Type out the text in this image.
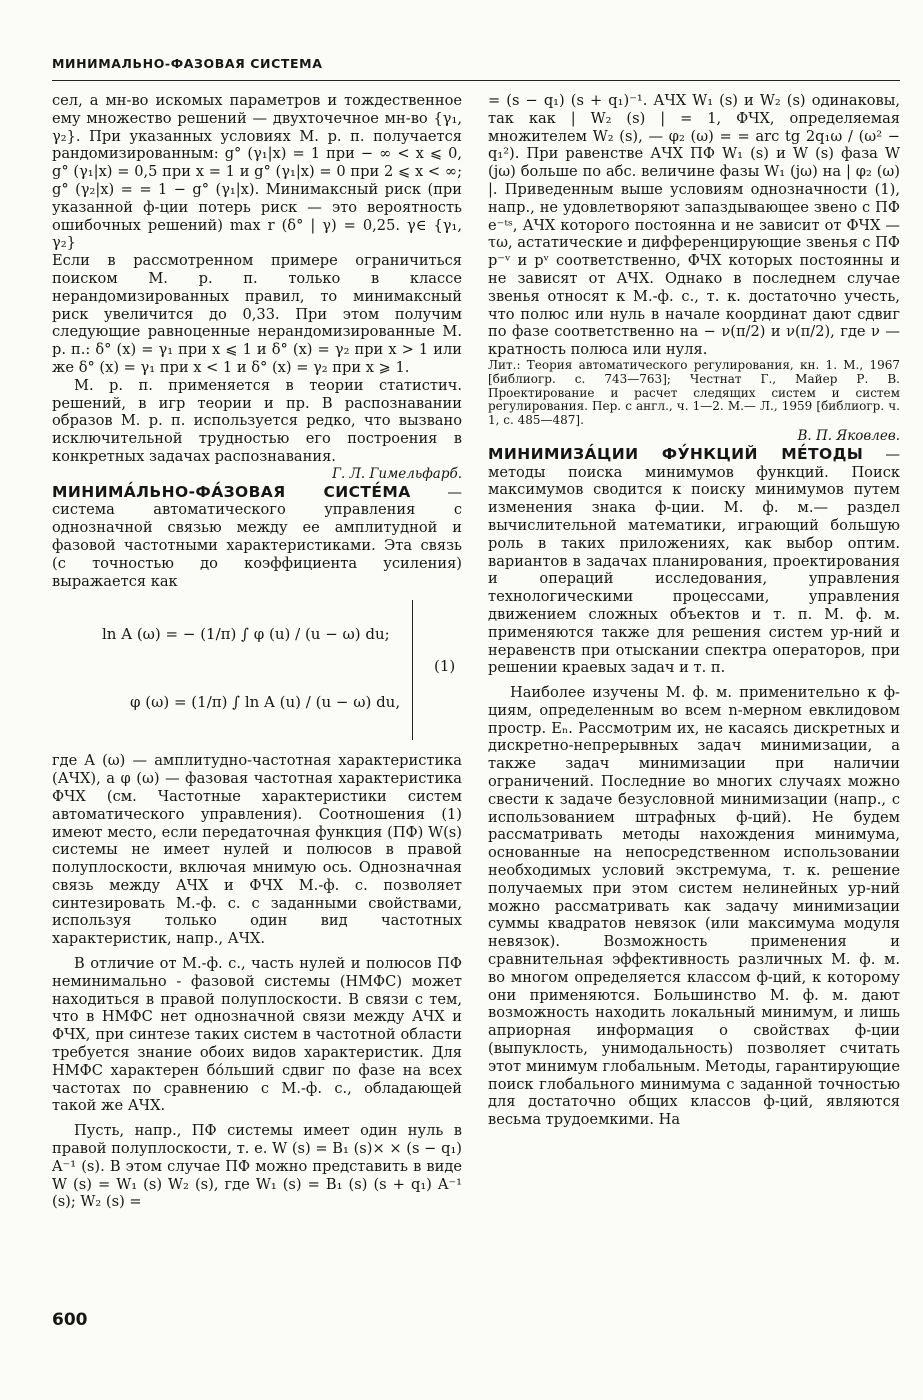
МИНИМАЛЬНО-ФАЗОВАЯ СИСТЕМА

сел, а мн-во искомых параметров и тождественное ему множество решений — двухточечное мн-во {γ₁, γ₂}. При указанных условиях М. р. п. получается рандомизированным: g° (γ₁|x) = 1 при − ∞ < x ⩽ 0, g° (γ₁|x) = 0,5 при x = 1 и g° (γ₁|x) = 0 при 2 ⩽ x < ∞; g° (γ₂|x) = = 1 − g° (γ₁|x). Минимаксный риск (при указанной ф-ции потерь риск — это вероятность ошибочных решений) max r (δ° | γ) = 0,25. γ∈ {γ₁, γ₂}

Если в рассмотренном примере ограничиться поиском М. р. п. только в классе нерандомизированных правил, то минимаксный риск увеличится до 0,33. При этом получим следующие равноценные нерандомизированные М. р. п.: δ° (x) = γ₁ при x ⩽ 1 и δ° (x) = γ₂ при x > 1 или же δ° (x) = γ₁ при x < 1 и δ° (x) = γ₂ при x ⩾ 1.

М. р. п. применяется в теории статистич. решений, в игр теории и пр. В распознавании образов М. р. п. используется редко, что вызвано исключительной трудностью его построения в конкретных задачах распознавания.

Г. Л. Гимельфарб.

МИНИМА́ЛЬНО-ФА́ЗОВАЯ СИСТЕ́МА	— система автоматического управления с однозначной связью между ее амплитудной и фазовой частотными характеристиками. Эта связь (с точностью до коэффициента усиления) выражается как

ln A (ω) = − (1/π) ∫ φ (u) / (u − ω) du;
φ (ω) = (1/π) ∫ ln A (u) / (u − ω) du,
(1)

где A (ω) — амплитудно-частотная характеристика (АЧХ), а φ (ω) — фазовая частотная характеристика ФЧХ (см. Частотные характеристики систем автоматического управления). Соотношения (1) имеют место, если передаточная функция (ПФ) W(s) системы не имеет нулей и полюсов в правой полуплоскости, включая мнимую ось. Однозначная связь между АЧХ и ФЧХ М.-ф. с. позволяет синтезировать М.-ф. с. с заданными свойствами, используя только один вид частотных характеристик, напр., АЧХ.

В отличие от М.-ф. с., часть нулей и полюсов ПФ неминимально - фазовой системы (НМФС) может находиться в правой полуплоскости. В связи с тем, что в НМФС нет однозначной связи между АЧХ и ФЧХ, при синтезе таких систем в частотной области требуется знание обоих видов характеристик. Для НМФС характерен бо́льший сдвиг по фазе на всех частотах по сравнению с М.-ф. с., обладающей такой же АЧХ.

Пусть, напр., ПФ системы имеет один нуль в правой полуплоскости, т. е. W (s) = B₁ (s)× × (s − q₁) A⁻¹ (s). В этом случае ПФ можно представить в виде W (s) = W₁ (s) W₂ (s), где W₁ (s) = B₁ (s) (s + q₁) A⁻¹ (s); W₂ (s) =

= (s − q₁) (s + q₁)⁻¹. АЧХ W₁ (s) и W₂ (s) одинаковы, так как | W₂ (s) | = 1, ФЧХ, определяемая множителем W₂ (s), — φ₂ (ω) = = arc tg 2q₁ω / (ω² − q₁²). При равенстве АЧХ ПФ W₁ (s) и W (s) фаза W (jω) больше по абс. величине фазы W₁ (jω) на | φ₂ (ω) |. Приведенным выше условиям однозначности (1), напр., не удовлетворяют запаздывающее звено с ПФ e⁻ᵗˢ, АЧХ которого постоянна и не зависит от ФЧХ — τω, астатические и дифференцирующие звенья с ПФ p⁻ᵛ и pᵛ соответственно, ФЧХ которых постоянны и не зависят от АЧХ. Однако в последнем случае звенья относят к М.-ф. с., т. к. достаточно учесть, что полюс или нуль в начале координат дают сдвиг по фазе соответственно на − ν(π/2) и ν(π/2), где ν — кратность полюса или нуля.

Лит.: Теория автоматического регулирования, кн. 1. М., 1967 [библиогр. с. 743—763]; Честнат Г., Майер Р. В. Проектирование и расчет следящих систем и систем регулирования. Пер. с англ., ч. 1—2. М.— Л., 1959 [библиогр. ч. 1, с. 485—487].

В. П. Яковлев.

МИНИМИЗА́ЦИИ ФУ́НКЦИЙ МЕ́ТОДЫ — методы поиска минимумов функций. Поиск максимумов сводится к поиску минимумов путем изменения знака ф-ции. М. ф. м.— раздел вычислительной математики, играющий большую роль в таких приложениях, как выбор оптим. вариантов в задачах планирования, проектирования и операций исследования, управления технологическими процессами, управления движением сложных объектов и т. п. М. ф. м. применяются также для решения систем ур-ний и неравенств при отыскании спектра операторов, при решении краевых задач и т. п.

Наиболее изучены М. ф. м. применительно к ф-циям, определенным во всем n-мерном евклидовом простр. Eₙ. Рассмотрим их, не касаясь дискретных и дискретно-непрерывных задач минимизации, а также задач минимизации при наличии ограничений. Последние во многих случаях можно свести к задаче безусловной минимизации (напр., с использованием штрафных ф-ций). Не будем рассматривать методы нахождения минимума, основанные на непосредственном использовании необходимых условий экстремума, т. к. решение получаемых при этом систем нелинейных ур-ний можно рассматривать как задачу минимизации суммы квадратов невязок (или максимума модуля невязок). Возможность применения и сравнительная эффективность различных М. ф. м. во многом определяется классом ф-ций, к которому они применяются. Большинство М. ф. м. дают возможность находить локальный минимум, и лишь априорная информация о свойствах ф-ции (выпуклость, унимодальность) позволяет считать этот минимум глобальным. Методы, гарантирующие поиск глобального минимума с заданной точностью для достаточно общих классов ф-ций, являются весьма трудоемкими. На

600
